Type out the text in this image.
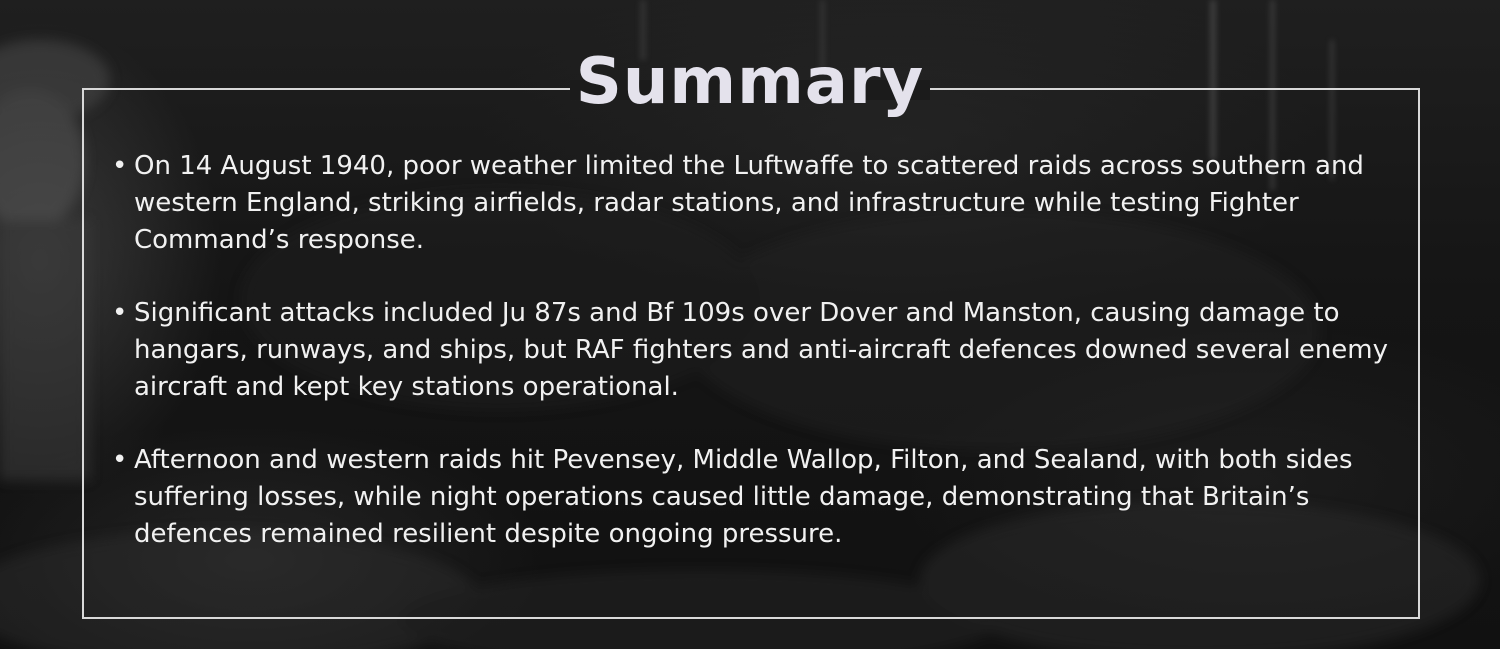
Summary
• On 14 August 1940, poor weather limited the Luftwaffe to scattered raids across southern and western England, striking airfields, radar stations, and infrastructure while testing Fighter Command’s response.
• Significant attacks included Ju 87s and Bf 109s over Dover and Manston, causing damage to hangars, runways, and ships, but RAF fighters and anti-aircraft defences downed several enemy aircraft and kept key stations operational.
• Afternoon and western raids hit Pevensey, Middle Wallop, Filton, and Sealand, with both sides suffering losses, while night operations caused little damage, demonstrating that Britain’s defences remained resilient despite ongoing pressure.
